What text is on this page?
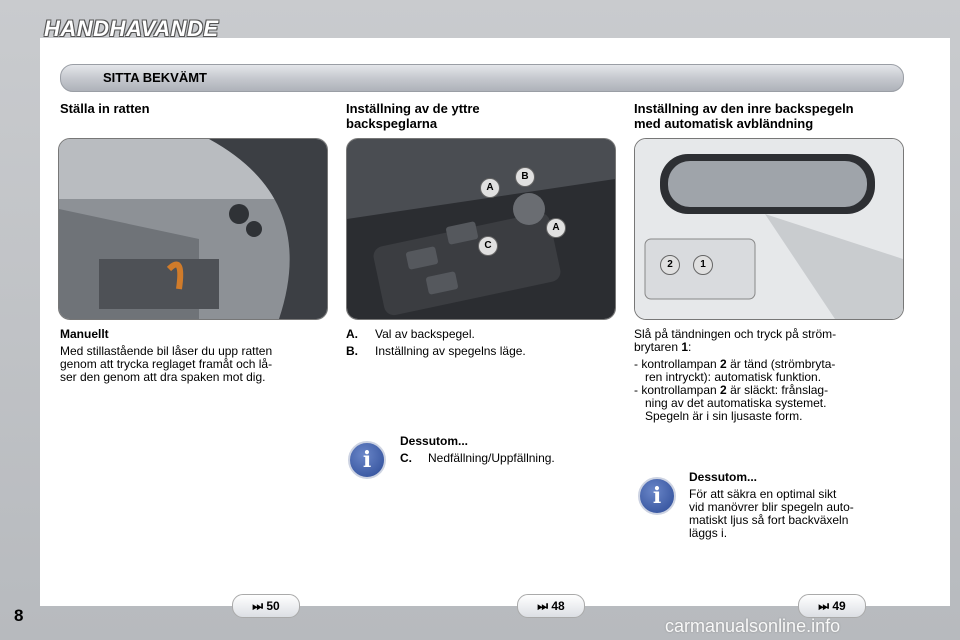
HANDHAVANDE
SITTA BEKVÄMT
Ställa in ratten
Manuellt
Med stillastående bil låser du upp ratten
genom att trycka reglaget framåt och lå-
ser den genom att dra spaken mot dig.
Inställning av de yttre
backspeglarna
A
B
C
A
A. Val av backspegel.
B. Inställning av spegelns läge.
i
Dessutom...
C. Nedfällning/Uppfällning.
Inställning av den inre backspegeln
med automatisk avbländning
2	1
Slå på tändningen och tryck på ström-
brytaren 1:
- kontrollampan 2 är tänd (strömbryta-
ren intryckt): automatisk funktion.
- kontrollampan 2 är släckt: frånslag-
ning av det automatiska systemet.
Spegeln är i sin ljusaste form.
i
Dessutom...
För att säkra en optimal sikt
vid manövrer blir spegeln auto-
matiskt ljus så fort backväxeln
läggs i.
⏭ 50	⏭ 48	⏭ 49
8
carmanualsonline.info
